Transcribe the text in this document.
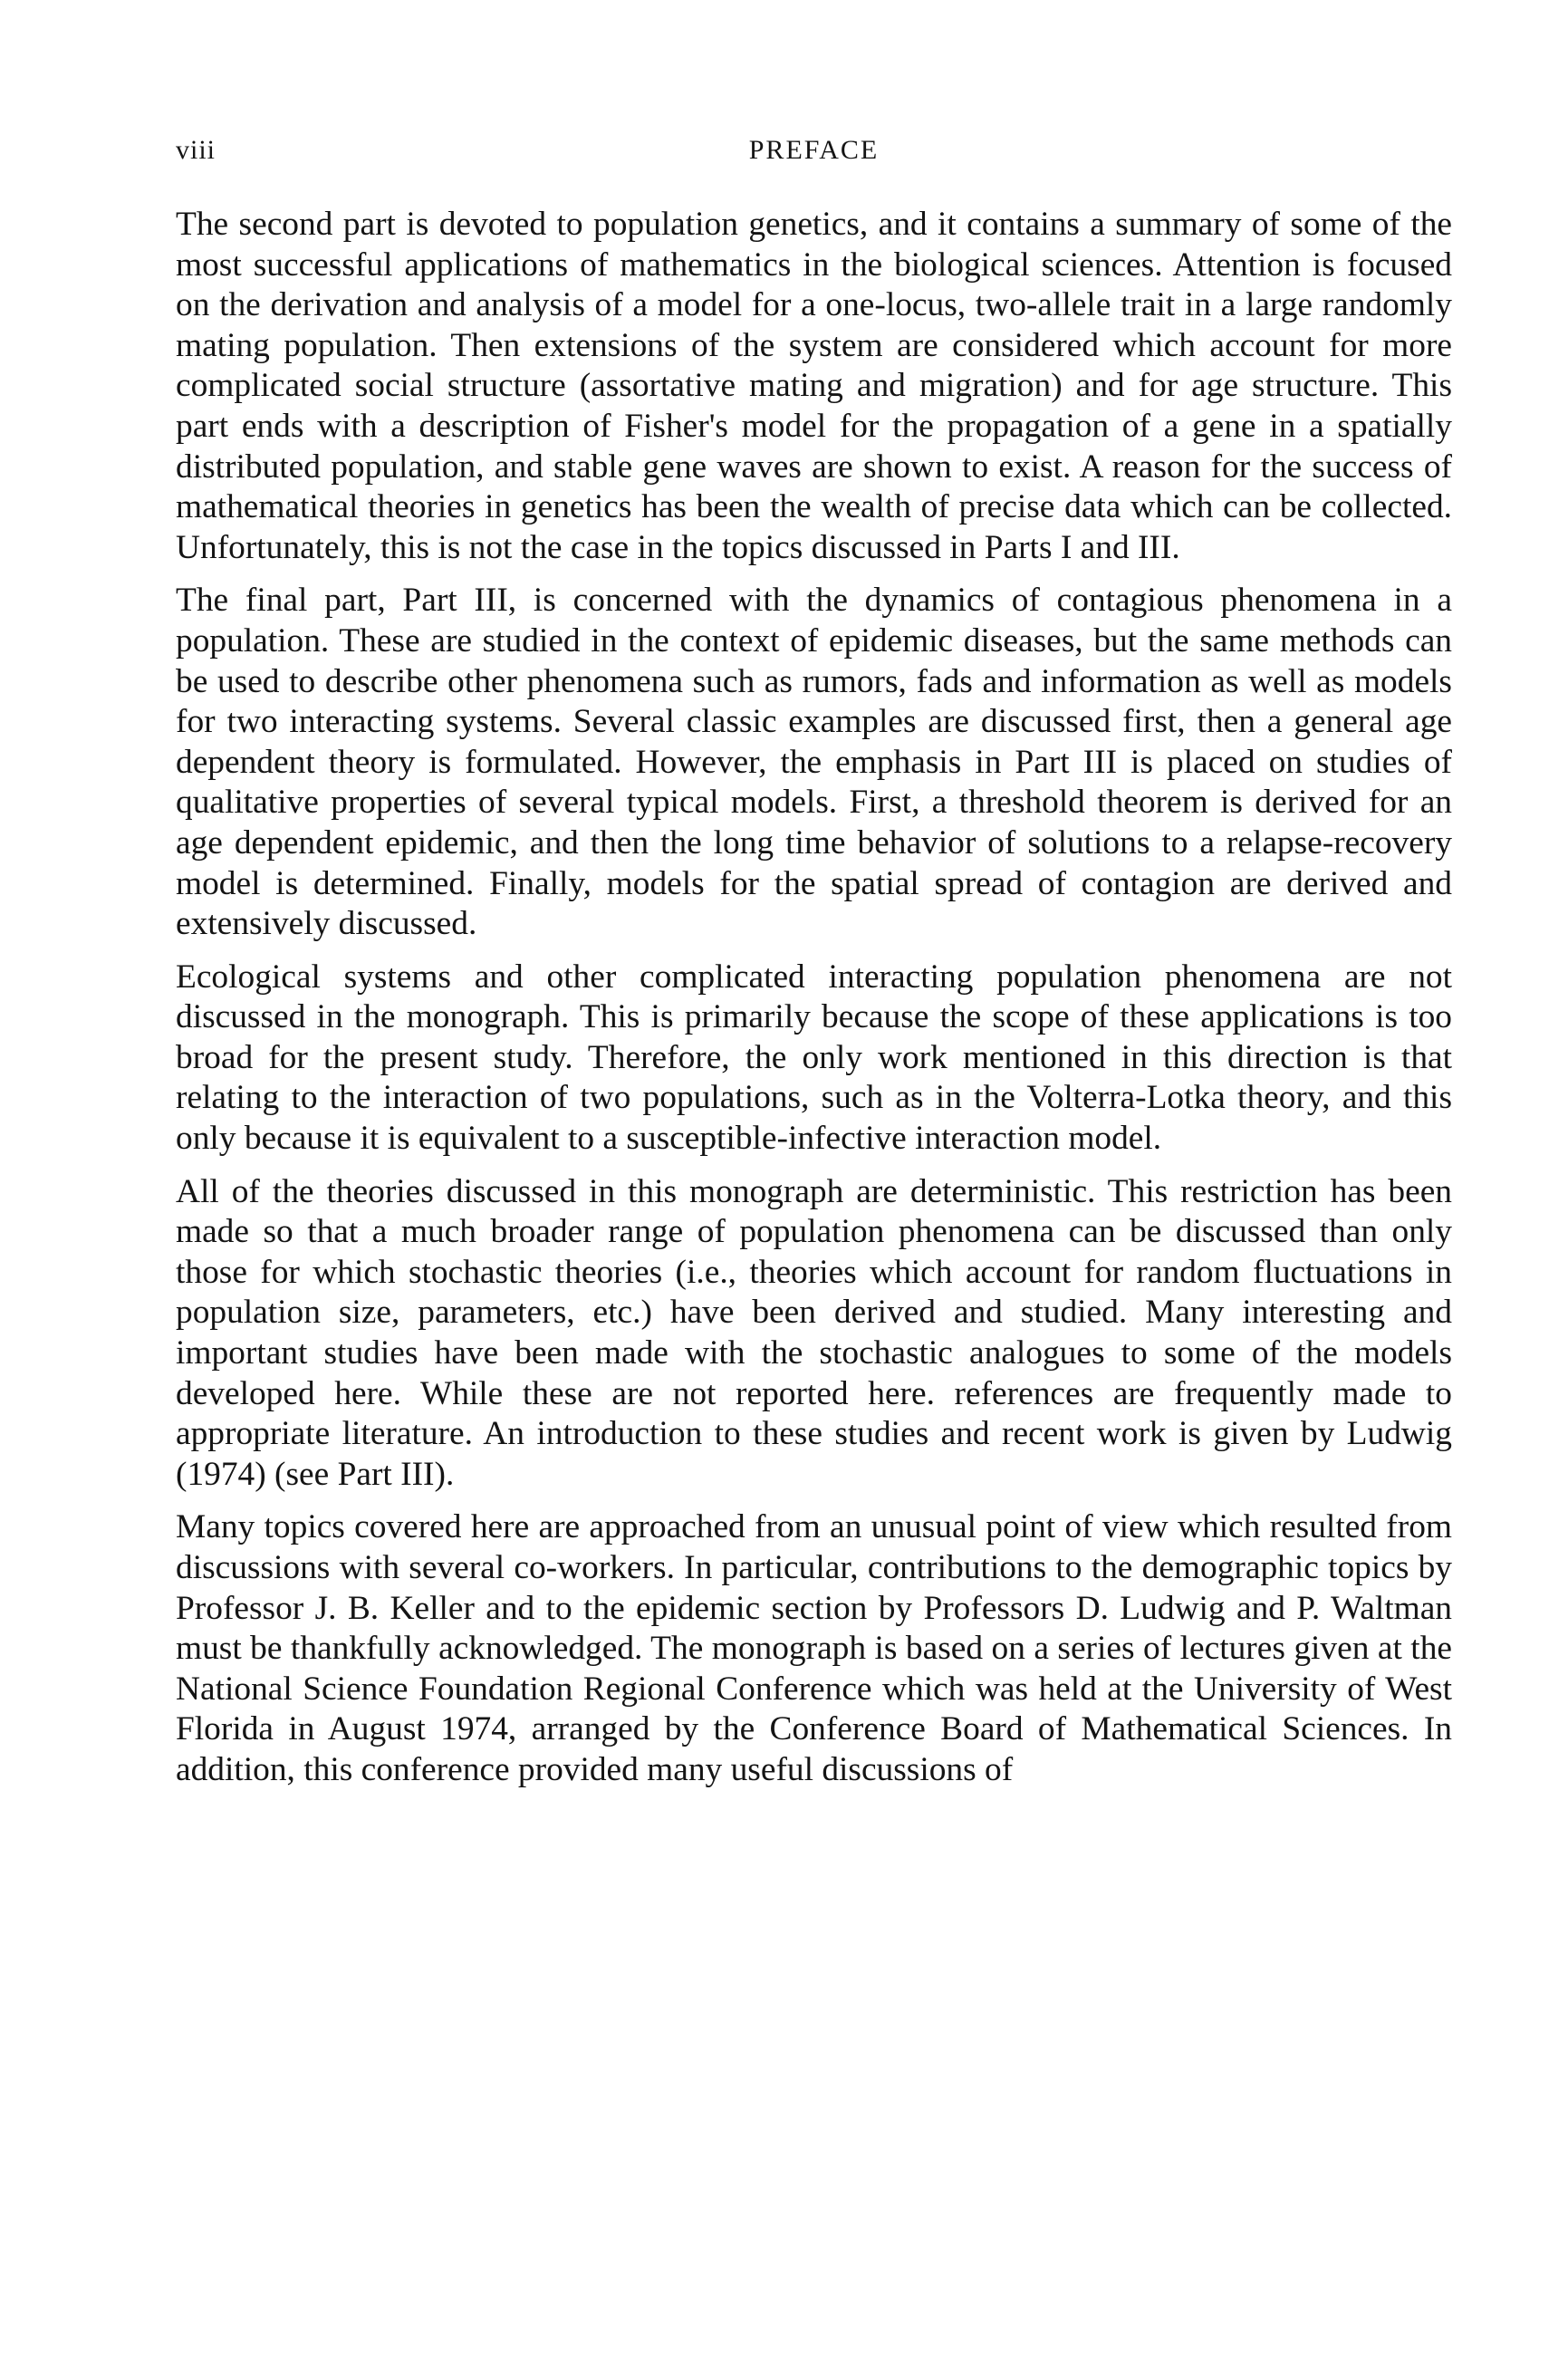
viii	PREFACE

The second part is devoted to population genetics, and it contains a summary of some of the most successful applications of mathematics in the biological sciences. Attention is focused on the derivation and analysis of a model for a one-locus, two-allele trait in a large randomly mating population. Then extensions of the system are considered which account for more complicated social structure (assortative mating and migration) and for age structure. This part ends with a description of Fisher's model for the propagation of a gene in a spatially distributed population, and stable gene waves are shown to exist. A reason for the success of mathematical theories in genetics has been the wealth of precise data which can be collected. Unfortunately, this is not the case in the topics discussed in Parts I and III.

The final part, Part III, is concerned with the dynamics of contagious phenomena in a population. These are studied in the context of epidemic diseases, but the same methods can be used to describe other phenomena such as rumors, fads and information as well as models for two interacting systems. Several classic examples are discussed first, then a general age dependent theory is formulated. However, the emphasis in Part III is placed on studies of qualitative properties of several typical models. First, a threshold theorem is derived for an age dependent epidemic, and then the long time behavior of solutions to a relapse-recovery model is determined. Finally, models for the spatial spread of contagion are derived and extensively discussed.

Ecological systems and other complicated interacting population phenomena are not discussed in the monograph. This is primarily because the scope of these applications is too broad for the present study. Therefore, the only work mentioned in this direction is that relating to the interaction of two populations, such as in the Volterra-Lotka theory, and this only because it is equivalent to a susceptible-infective interaction model.

All of the theories discussed in this monograph are deterministic. This restriction has been made so that a much broader range of population phenomena can be discussed than only those for which stochastic theories (i.e., theories which account for random fluctuations in population size, parameters, etc.) have been derived and studied. Many interesting and important studies have been made with the stochastic analogues to some of the models developed here. While these are not reported here. references are frequently made to appropriate literature. An introduction to these studies and recent work is given by Ludwig (1974) (see Part III).

Many topics covered here are approached from an unusual point of view which resulted from discussions with several co-workers. In particular, contributions to the demographic topics by Professor J. B. Keller and to the epidemic section by Professors D. Ludwig and P. Waltman must be thankfully acknowledged. The monograph is based on a series of lectures given at the National Science Foundation Regional Conference which was held at the University of West Florida in August 1974, arranged by the Conference Board of Mathematical Sciences. In addition, this conference provided many useful discussions of
